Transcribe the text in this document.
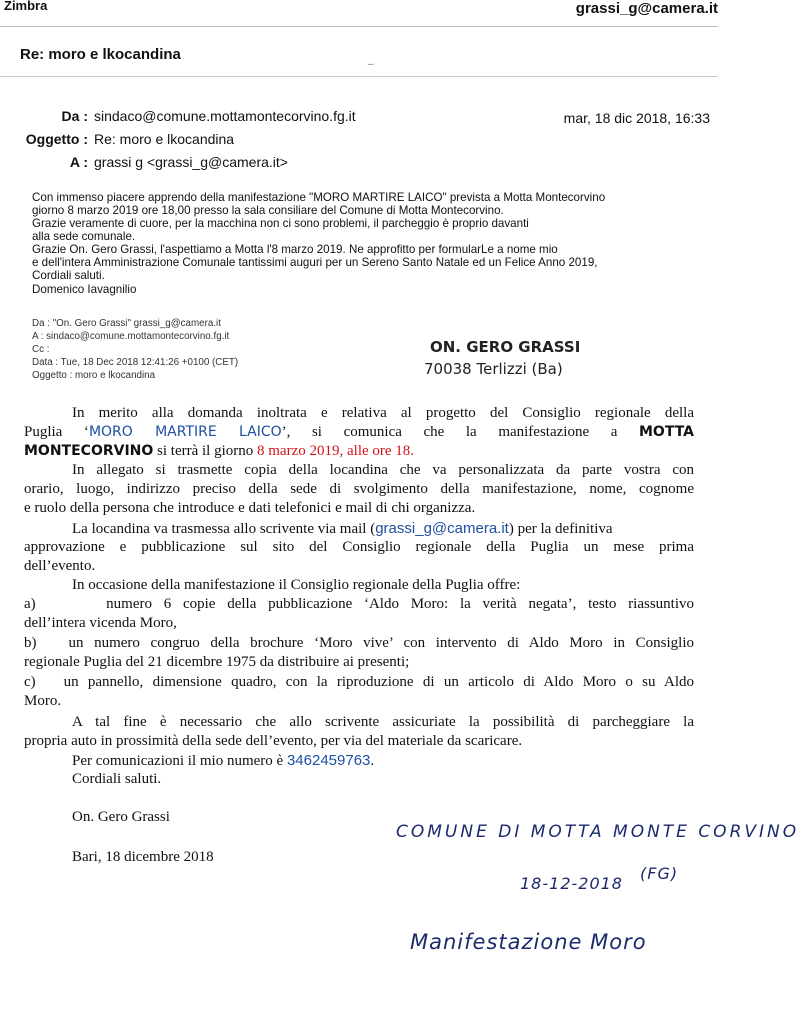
Zimbra	grassi_g@camera.it
Re: moro e lkocandina	_
Da : sindaco@comune.mottamontecorvino.fg.it
Oggetto : Re: moro e lkocandina
A : grassi g <grassi_g@camera.it>
mar, 18 dic 2018, 16:33
Con immenso piacere apprendo della manifestazione "MORO MARTIRE LAICO" prevista a Motta Montecorvino
giorno 8 marzo 2019 ore 18,00 presso la sala consiliare del Comune di Motta Montecorvino.
Grazie veramente di cuore, per la macchina non ci sono problemi, il parcheggio è proprio davanti
alla sede comunale.
Grazie On. Gero Grassi, l'aspettiamo a Motta l'8 marzo 2019. Ne approfitto per formularLe a nome mio
e dell'intera Amministrazione Comunale tantissimi auguri per un Sereno Santo Natale ed un Felice Anno 2019,
Cordiali saluti.
Domenico Iavagnilio
Da : "On. Gero Grassi" grassi_g@camera.it
A : sindaco@comune.mottamontecorvino.fg.it
Cc :
Data : Tue, 18 Dec 2018 12:41:26 +0100 (CET)
Oggetto : moro e lkocandina
ON. GERO GRASSI
70038 Terlizzi (Ba)
In merito alla domanda inoltrata e relativa al progetto del Consiglio regionale della
Puglia ‘MORO MARTIRE LAICO’, si comunica che la manifestazione a MOTTA
MONTECORVINO si terrà il giorno 8 marzo 2019, alle ore 18.
In allegato si trasmette copia della locandina che va personalizzata da parte vostra con
orario, luogo, indirizzo preciso della sede di svolgimento della manifestazione, nome, cognome
e ruolo della persona che introduce e dati telefonici e mail di chi organizza.
La locandina va trasmessa allo scrivente via mail (grassi_g@camera.it) per la definitiva
approvazione e pubblicazione sul sito del Consiglio regionale della Puglia un mese prima
dell’evento.
In occasione della manifestazione il Consiglio regionale della Puglia offre:
a)      numero 6 copie della pubblicazione ‘Aldo Moro: la verità negata’, testo riassuntivo
dell’intera vicenda Moro,
b)   un numero congruo della brochure ‘Moro vive’ con intervento di Aldo Moro in Consiglio
regionale Puglia del 21 dicembre 1975 da distribuire ai presenti;
c)   un pannello, dimensione quadro, con la riproduzione di un articolo di Aldo Moro o su Aldo
Moro.
A tal fine è necessario che allo scrivente assicuriate la possibilità di parcheggiare la
propria auto in prossimità della sede dell’evento, per via del materiale da scaricare.
Per comunicazioni il mio numero è 3462459763.
Cordiali saluti.
On. Gero Grassi
Bari, 18 dicembre 2018
COMUNE DI MOTTA MONTE CORVINO
(FG)
18-12-2018
Manifestazione Moro
